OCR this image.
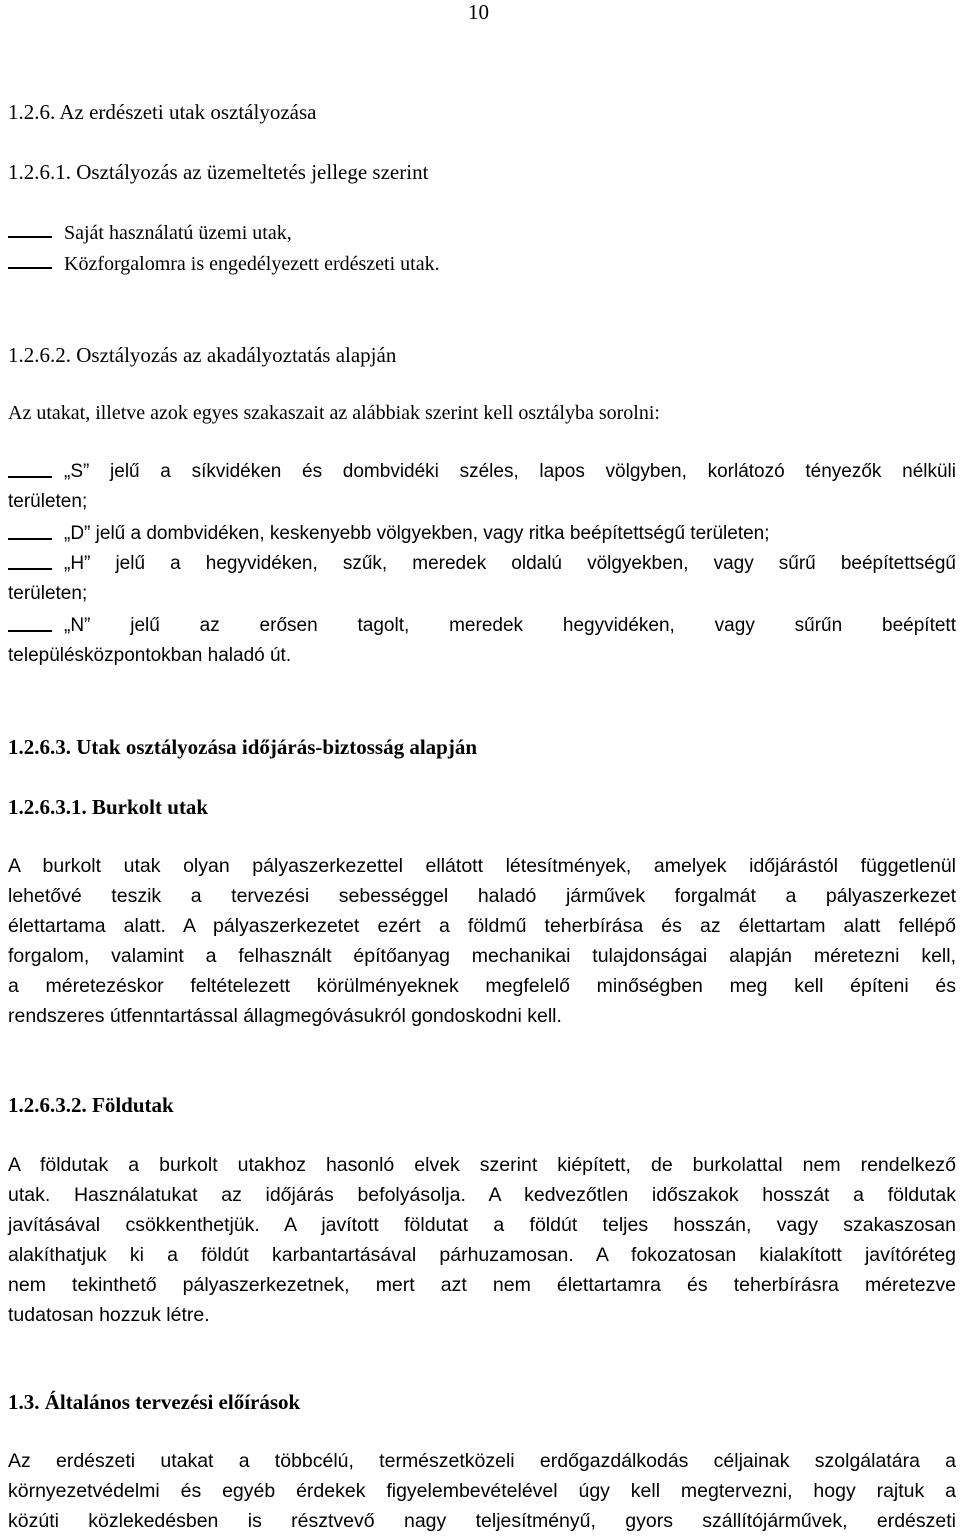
10
1.2.6. Az erdészeti utak osztályozása
1.2.6.1. Osztályozás az üzemeltetés jellege szerint
Saját használatú üzemi utak,
Közforgalomra is engedélyezett erdészeti utak.
1.2.6.2. Osztályozás az akadályoztatás alapján
Az utakat, illetve azok egyes szakaszait az alábbiak szerint kell osztályba sorolni:
„S” jelű a síkvidéken és dombvidéki széles, lapos völgyben, korlátozó tényezők nélküli
területen;
„D” jelű a dombvidéken, keskenyebb völgyekben, vagy ritka beépítettségű területen;
„H” jelű a hegyvidéken, szűk, meredek oldalú völgyekben, vagy sűrű beépítettségű
területen;
„N” jelű az erősen tagolt, meredek hegyvidéken, vagy sűrűn beépített
településközpontokban haladó út.
1.2.6.3. Utak osztályozása időjárás-biztosság alapján
1.2.6.3.1. Burkolt utak
A burkolt utak olyan pályaszerkezettel ellátott létesítmények, amelyek időjárástól függetlenül
lehetővé teszik a tervezési sebességgel haladó járművek forgalmát a pályaszerkezet
élettartama alatt. A pályaszerkezetet ezért a földmű teherbírása és az élettartam alatt fellépő
forgalom, valamint a felhasznált építőanyag mechanikai tulajdonságai alapján méretezni kell,
a méretezéskor feltételezett körülményeknek megfelelő minőségben meg kell építeni és
rendszeres útfenntartással állagmegóvásukról gondoskodni kell.
1.2.6.3.2. Földutak
A földutak a burkolt utakhoz hasonló elvek szerint kiépített, de burkolattal nem rendelkező
utak. Használatukat az időjárás befolyásolja. A kedvezőtlen időszakok hosszát a földutak
javításával csökkenthetjük. A javított földutat a földút teljes hosszán, vagy szakaszosan
alakíthatjuk ki a földút karbantartásával párhuzamosan. A fokozatosan kialakított javítóréteg
nem tekinthető pályaszerkezetnek, mert azt nem élettartamra és teherbírásra méretezve
tudatosan hozzuk létre.
1.3. Általános tervezési előírások
Az erdészeti utakat a többcélú, természetközeli erdőgazdálkodás céljainak szolgálatára a
környezetvédelmi és egyéb érdekek figyelembevételével úgy kell megtervezni, hogy rajtuk a
közúti közlekedésben is résztvevő nagy teljesítményű, gyors szállítójárművek, erdészeti
